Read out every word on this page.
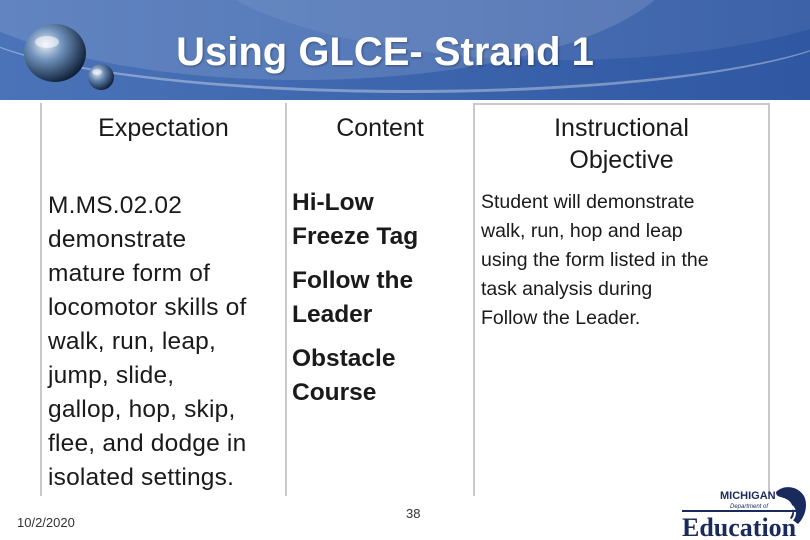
Using GLCE- Strand 1
Expectation	Content	Instructional
Objective
M.MS.02.02
demonstrate
mature form of
locomotor skills of
walk, run, leap,
jump, slide,
gallop, hop, skip,
flee, and dodge in
isolated settings.
Hi-Low
Freeze Tag
Follow the
Leader
Obstacle
Course
Student will demonstrate
walk, run, hop and leap
using the form listed in the
task analysis during
Follow the Leader.
10/2/2020
38
MICHIGAN
Department of
Education
